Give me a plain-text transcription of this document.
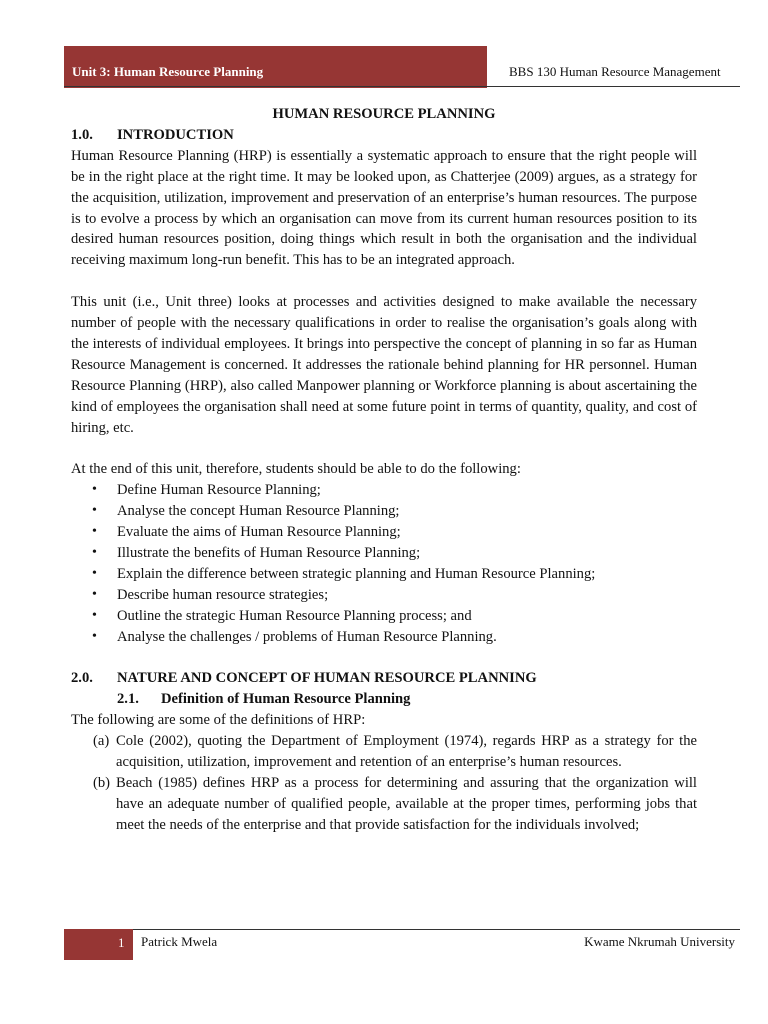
Unit 3: Human Resource Planning	BBS 130 Human Resource Management

HUMAN RESOURCE PLANNING

1.0. INTRODUCTION

Human Resource Planning (HRP) is essentially a systematic approach to ensure that the right people will be in the right place at the right time. It may be looked upon, as Chatterjee (2009) argues, as a strategy for the acquisition, utilization, improvement and preservation of an enterprise’s human resources. The purpose is to evolve a process by which an organisation can move from its current human resources position to its desired human resources position, doing things which result in both the organisation and the individual receiving maximum long-run benefit. This has to be an integrated approach.

This unit (i.e., Unit three) looks at processes and activities designed to make available the necessary number of people with the necessary qualifications in order to realise the organisation’s goals along with the interests of individual employees. It brings into perspective the concept of planning in so far as Human Resource Management is concerned. It addresses the rationale behind planning for HR personnel. Human Resource Planning (HRP), also called Manpower planning or Workforce planning is about ascertaining the kind of employees the organisation shall need at some future point in terms of quantity, quality, and cost of hiring, etc.

At the end of this unit, therefore, students should be able to do the following:

• Define Human Resource Planning;
• Analyse the concept Human Resource Planning;
• Evaluate the aims of Human Resource Planning;
• Illustrate the benefits of Human Resource Planning;
• Explain the difference between strategic planning and Human Resource Planning;
• Describe human resource strategies;
• Outline the strategic Human Resource Planning process; and
• Analyse the challenges / problems of Human Resource Planning.
2.0. NATURE AND CONCEPT OF HUMAN RESOURCE PLANNING
2.1. Definition of Human Resource Planning

The following are some of the definitions of HRP:

(a) Cole (2002), quoting the Department of Employment (1974), regards HRP as a strategy for the acquisition, utilization, improvement and retention of an enterprise’s human resources.
(b) Beach (1985) defines HRP as a process for determining and assuring that the organization will have an adequate number of qualified people, available at the proper times, performing jobs that meet the needs of the enterprise and that provide satisfaction for the individuals involved;
1 Patrick Mwela	Kwame Nkrumah University
